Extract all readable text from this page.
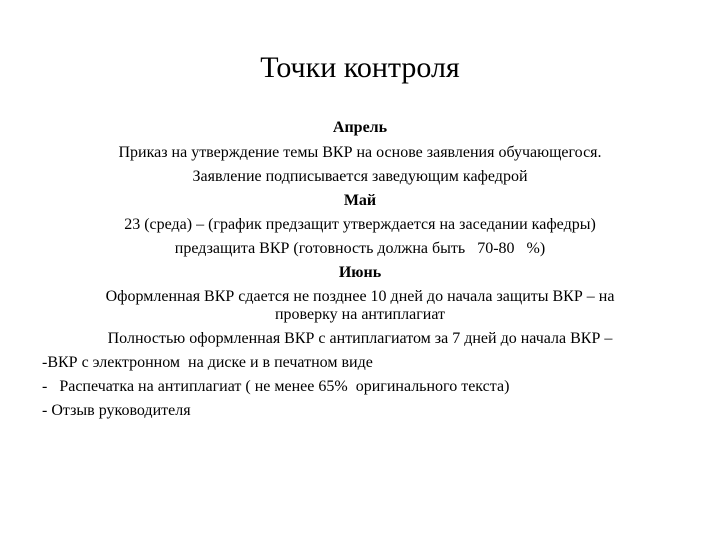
Точки контроля
Апрель
Приказ на утверждение темы ВКР на основе заявления обучающегося.
Заявление подписывается заведующим кафедрой
Май
23 (среда) – (график предзащит утверждается на заседании кафедры)
предзащита ВКР (готовность должна быть   70-80   %)
Июнь
Оформленная ВКР сдается не позднее 10 дней до начала защиты ВКР – на
проверку на антиплагиат
Полностью оформленная ВКР с антиплагиатом за 7 дней до начала ВКР –
-ВКР с электронном  на диске и в печатном виде
-   Распечатка на антиплагиат ( не менее 65%  оригинального текста)
- Отзыв руководителя
